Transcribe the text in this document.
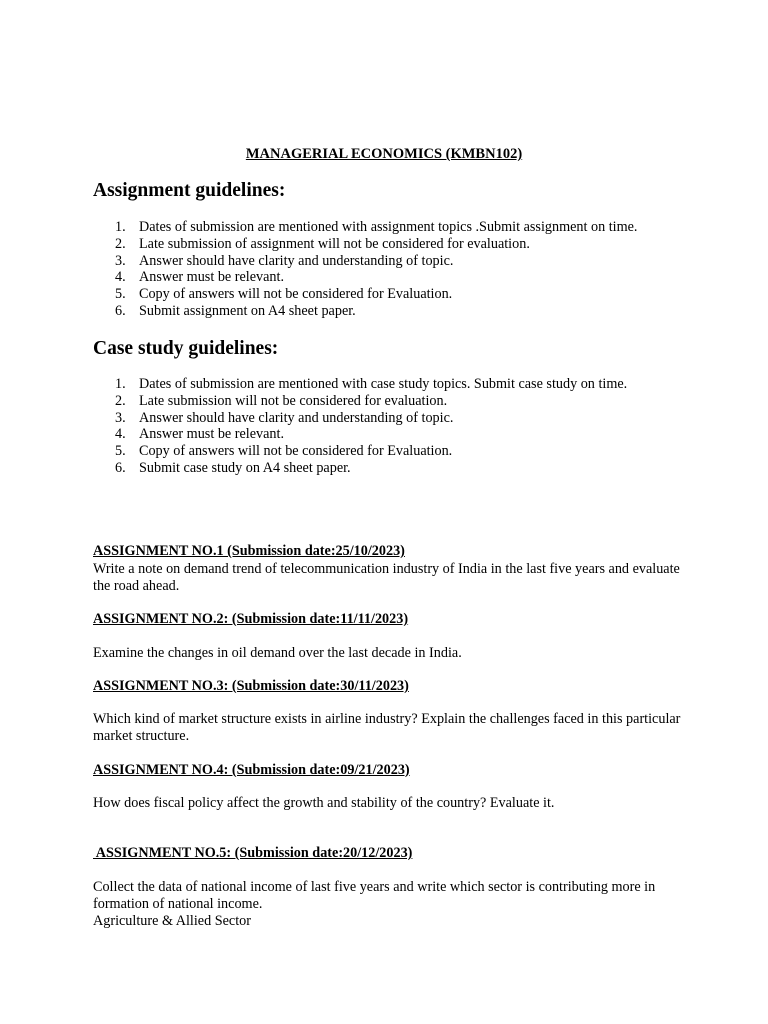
MANAGERIAL ECONOMICS (KMBN102)
Assignment guidelines:
1. Dates of submission are mentioned with assignment topics .Submit assignment on time.
2. Late submission of assignment will not be considered for evaluation.
3. Answer should have clarity and understanding of topic.
4. Answer must be relevant.
5. Copy of answers will not be considered for Evaluation.
6. Submit assignment on A4 sheet paper.
Case study guidelines:
1. Dates of submission are mentioned with case study topics. Submit case study on time.
2. Late submission will not be considered for evaluation.
3. Answer should have clarity and understanding of topic.
4. Answer must be relevant.
5. Copy of answers will not be considered for Evaluation.
6. Submit case study on A4 sheet paper.
ASSIGNMENT NO.1 (Submission date:25/10/2023)
Write a note on demand trend of telecommunication industry of India in the last five years and evaluate the road ahead.
ASSIGNMENT NO.2: (Submission date:11/11/2023)
Examine the changes in oil demand over the last decade in India.
ASSIGNMENT NO.3: (Submission date:30/11/2023)
Which kind of market structure exists in airline industry? Explain the challenges faced in this particular market structure.
ASSIGNMENT NO.4: (Submission date:09/21/2023)
How does fiscal policy affect the growth and stability of the country? Evaluate it.
ASSIGNMENT NO.5: (Submission date:20/12/2023)
Collect the data of national income of last five years and write which sector is contributing more in formation of national income.
Agriculture & Allied Sector
